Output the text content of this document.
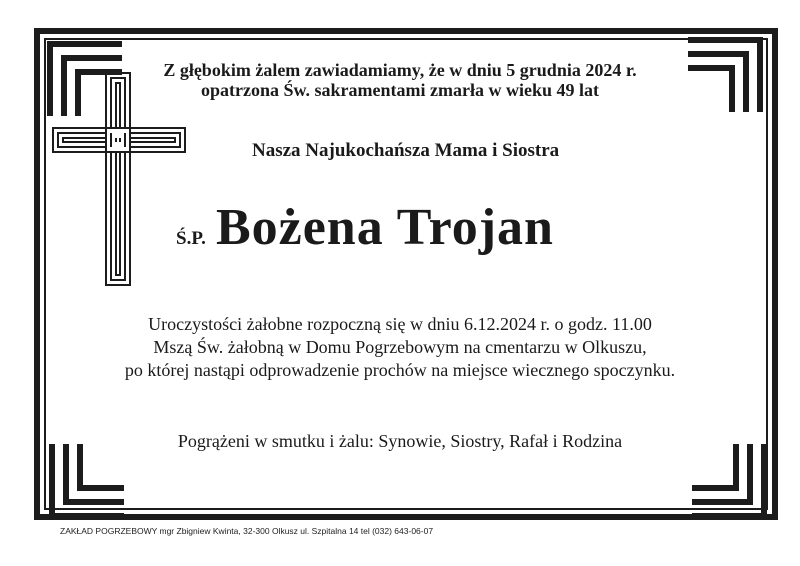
Z głębokim żalem zawiadamiamy, że w dniu 5 grudnia 2024 r.
opatrzona Św. sakramentami zmarła w wieku 49 lat
Nasza Najukochańsza Mama i Siostra
Ś.P. Bożena Trojan
Uroczystości żałobne rozpoczną się w dniu 6.12.2024 r. o godz. 11.00
Mszą Św. żałobną w Domu Pogrzebowym na cmentarzu w Olkuszu,
po której nastąpi odprowadzenie prochów na miejsce wiecznego spoczynku.
Pogrążeni w smutku i żalu: Synowie, Siostry, Rafał i Rodzina
ZAKŁAD POGRZEBOWY mgr Zbigniew Kwinta, 32-300 Olkusz ul. Szpitalna 14 tel (032) 643-06-07
